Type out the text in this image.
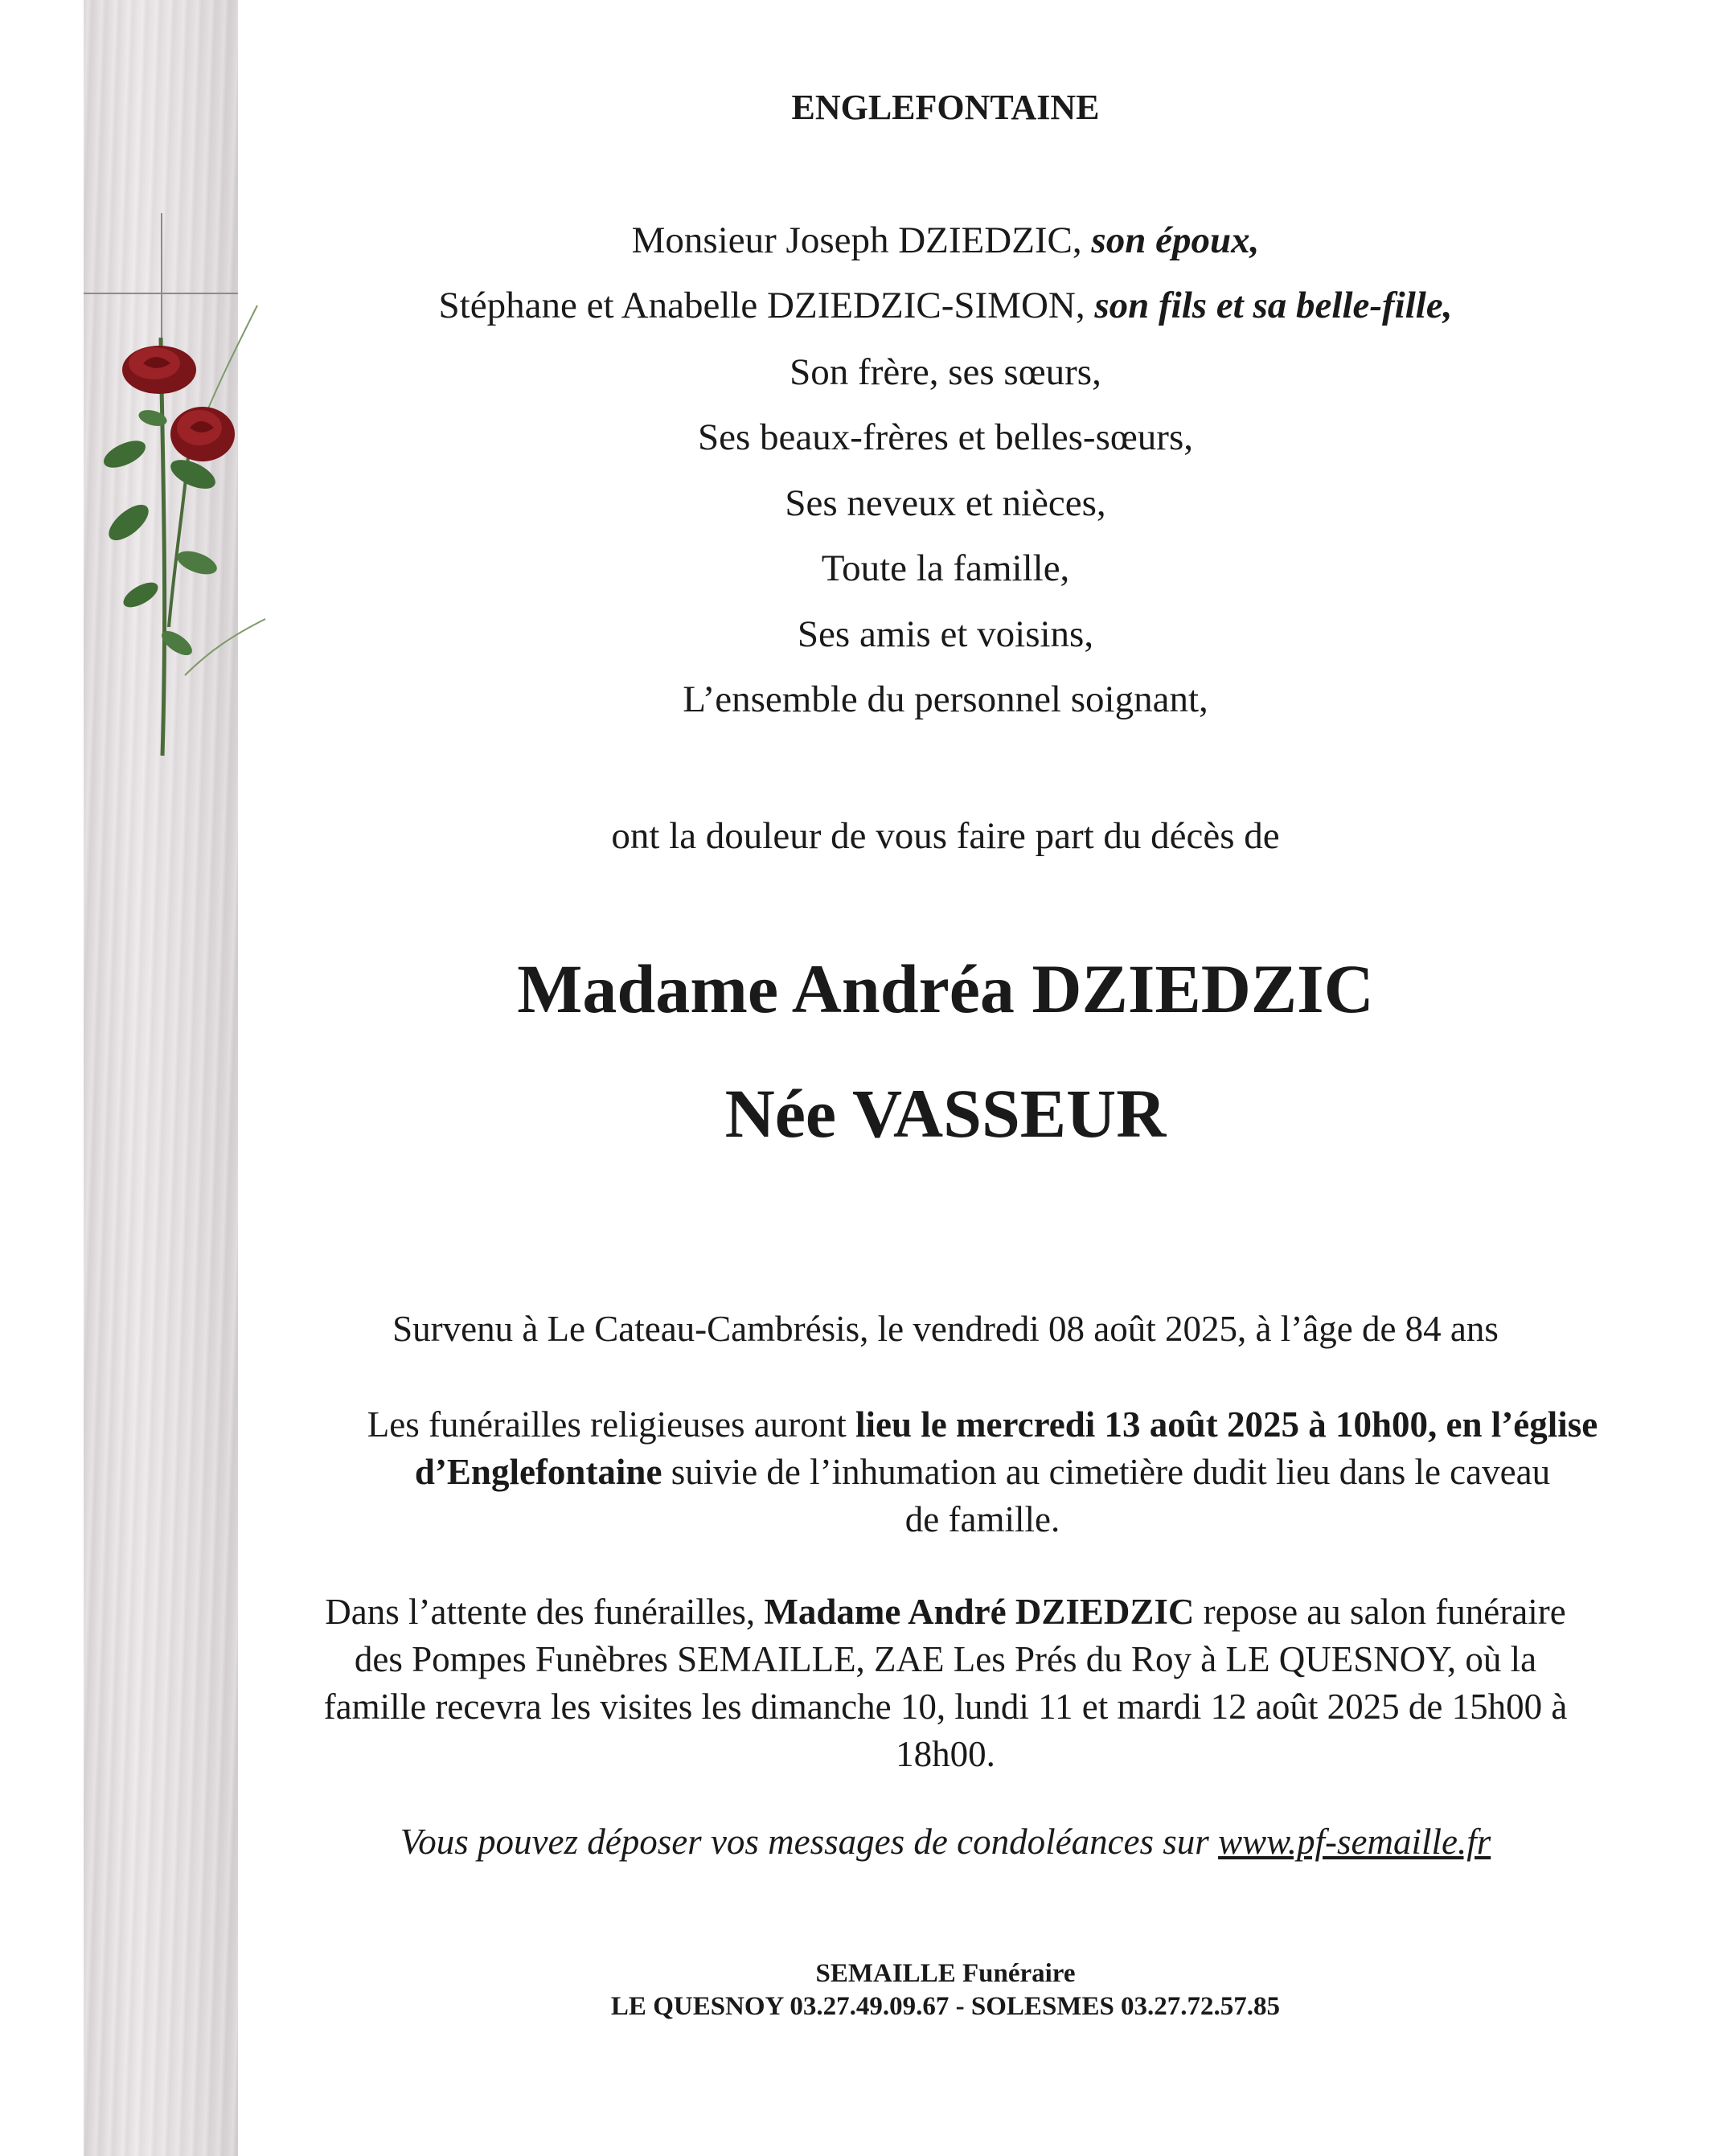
ENGLEFONTAINE
Monsieur Joseph DZIEDZIC, son époux,
Stéphane et Anabelle DZIEDZIC-SIMON, son fils et sa belle-fille,
Son frère, ses sœurs,
Ses beaux-frères et belles-sœurs,
Ses neveux et nièces,
Toute la famille,
Ses amis et voisins,
L’ensemble du personnel soignant,
ont la douleur de vous faire part du décès de
Madame Andréa DZIEDZIC
Née VASSEUR
Survenu à Le Cateau-Cambrésis, le vendredi 08 août 2025, à l’âge de 84 ans
Les funérailles religieuses auront lieu le mercredi 13 août 2025 à 10h00, en l’église
d’Englefontaine suivie de l’inhumation au cimetière dudit lieu dans le caveau
de famille.
Dans l’attente des funérailles, Madame André DZIEDZIC repose au salon funéraire
des Pompes Funèbres SEMAILLE, ZAE Les Prés du Roy à LE QUESNOY, où la
famille recevra les visites les dimanche 10, lundi 11 et mardi 12 août 2025 de 15h00 à
18h00.
Vous pouvez déposer vos messages de condoléances sur www.pf-semaille.fr
SEMAILLE Funéraire
LE QUESNOY 03.27.49.09.67 - SOLESMES 03.27.72.57.85
